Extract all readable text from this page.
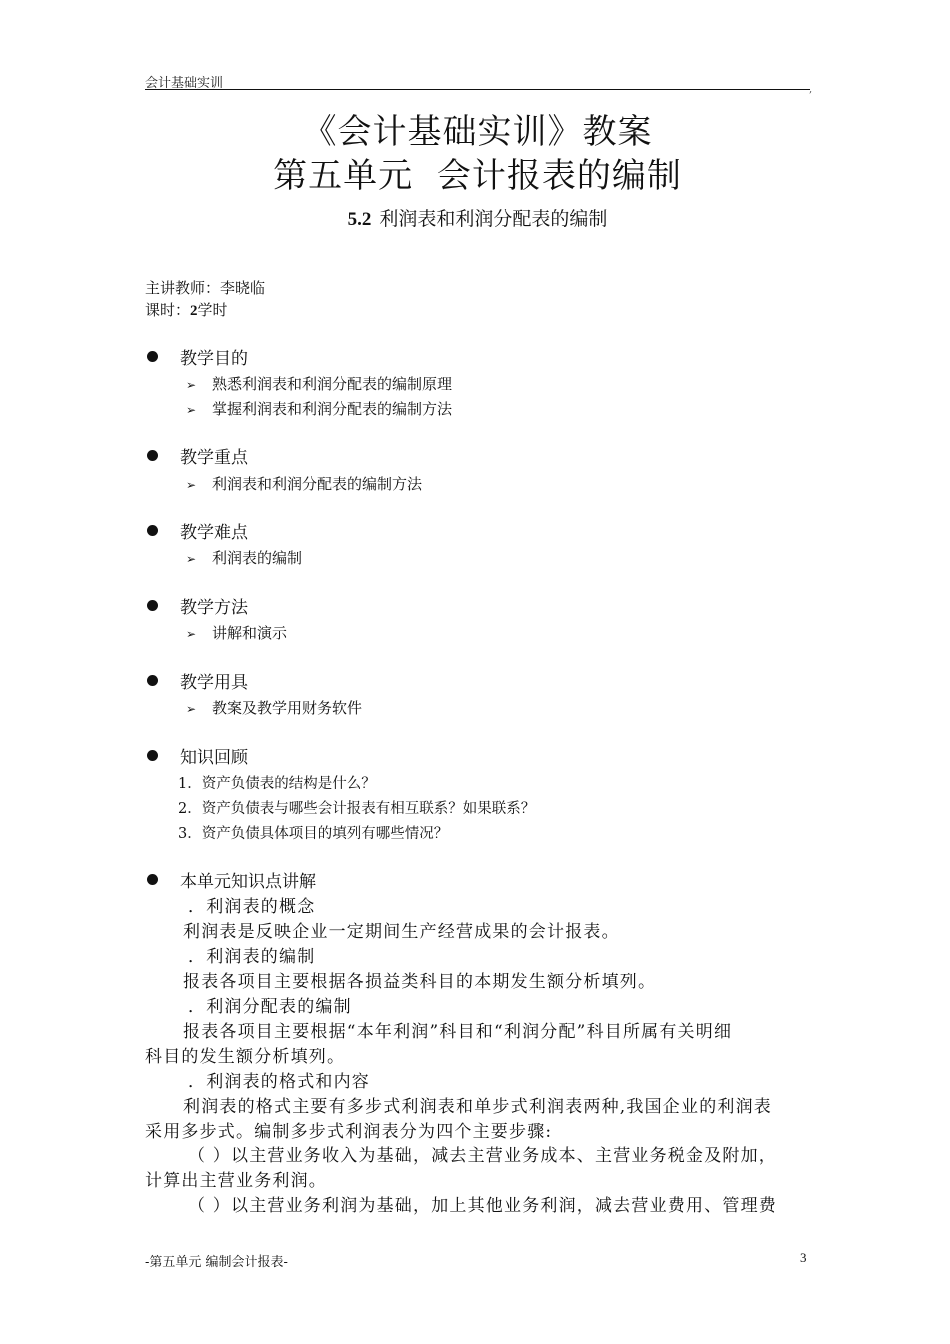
会计基础实训	,
《会计基础实训》教案
第五单元 会计报表的编制
5.2 利润表和利润分配表的编制
主讲教师：李晓临
课时：2学时
教学目的
➢ 熟悉利润表和利润分配表的编制原理
➢ 掌握利润表和利润分配表的编制方法
教学重点
➢ 利润表和利润分配表的编制方法
教学难点
➢ 利润表的编制
教学方法
➢ 讲解和演示
教学用具
➢ 教案及教学用财务软件
知识回顾
1．资产负债表的结构是什么？
2．资产负债表与哪些会计报表有相互联系？如果联系？
3．资产负债具体项目的填列有哪些情况？
本单元知识点讲解
．利润表的概念
利润表是反映企业一定期间生产经营成果的会计报表。
．利润表的编制
报表各项目主要根据各损益类科目的本期发生额分析填列。
．利润分配表的编制
报表各项目主要根据“本年利润”科目和“利润分配”科目所属有关明细
科目的发生额分析填列。
．利润表的格式和内容
利润表的格式主要有多步式利润表和单步式利润表两种,我国企业的利润表
采用多步式。编制多步式利润表分为四个主要步骤:
（ ）以主营业务收入为基础，减去主营业务成本、主营业务税金及附加，
计算出主营业务利润。
（ ）以主营业务利润为基础，加上其他业务利润，减去营业费用、管理费
-第五单元 编制会计报表-	3
